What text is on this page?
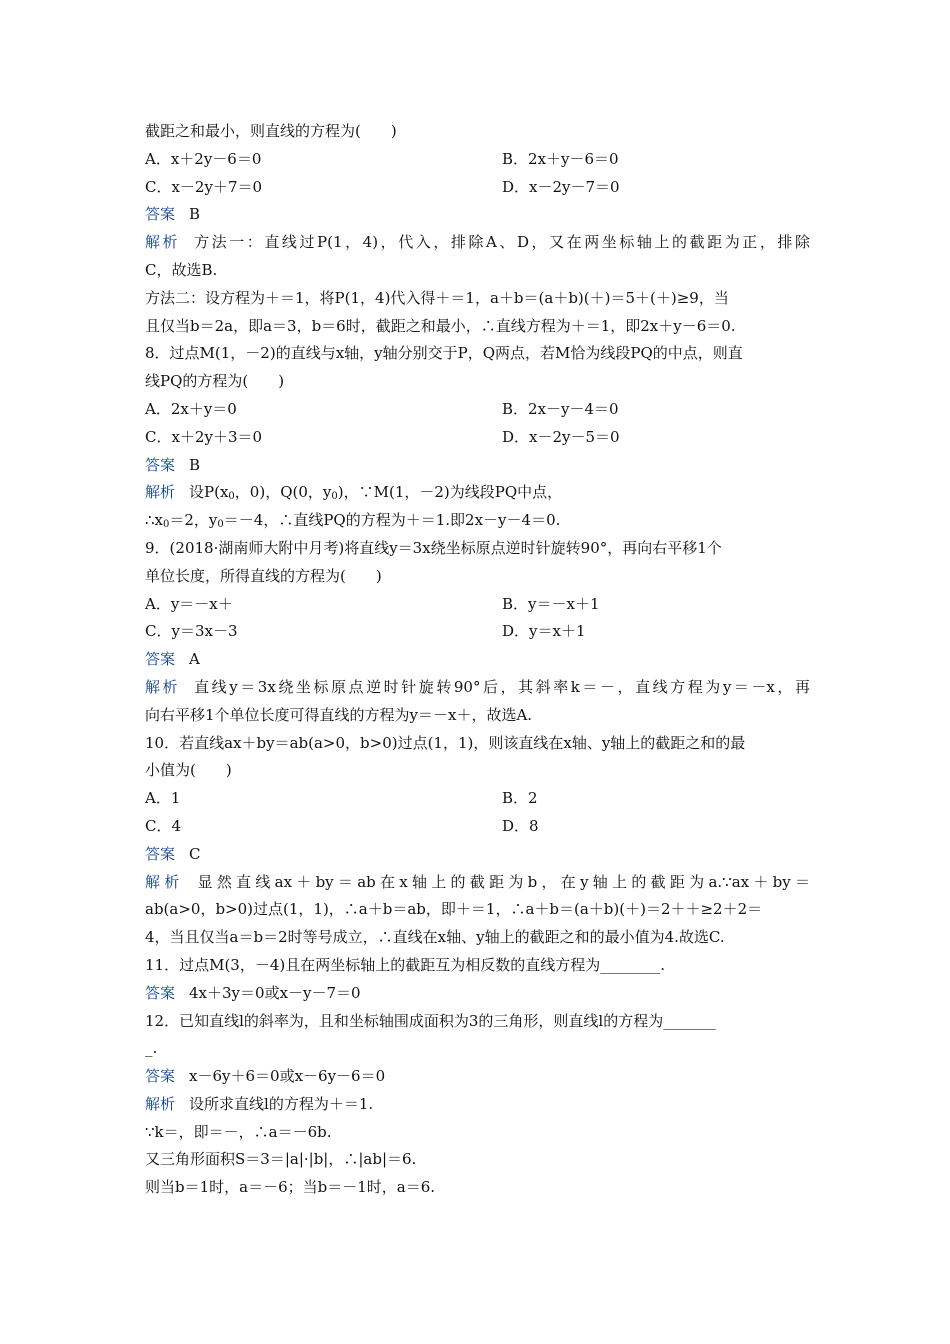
截距之和最小，则直线的方程为(　　)
A．x＋2y－6＝0	B．2x＋y－6＝0
C．x－2y＋7＝0	D．x－2y－7＝0
答案 B
解析 方法一：直线过P(1，4)，代入，排除A、D，又在两坐标轴上的截距为正，排除
C，故选B.
方法二：设方程为＋＝1，将P(1，4)代入得＋＝1，a＋b＝(a＋b)(＋)＝5＋(＋)≥9，当
且仅当b＝2a，即a＝3，b＝6时，截距之和最小，∴直线方程为＋＝1，即2x＋y－6＝0.
8．过点M(1，－2)的直线与x轴，y轴分别交于P，Q两点，若M恰为线段PQ的中点，则直
线PQ的方程为(　　)
A．2x＋y＝0	B．2x－y－4＝0
C．x＋2y＋3＝0	D．x－2y－5＝0
答案 B
解析 设$P(x_0$，0)，Q(0，$y_0$)，∵M(1，－2)为线段PQ中点，
$\therefore x_0=2$，$y_0=-4$，∴直线PQ的方程为＋＝1.即2x－y－4＝0.
9．(2018·湖南师大附中月考)将直线y＝3x绕坐标原点逆时针旋转90°，再向右平移1个
单位长度，所得直线的方程为(　　)
A．y＝－x＋	B．y＝－x＋1
C．y＝3x－3	D．y＝x＋1
答案 A
解析 直线y＝3x绕坐标原点逆时针旋转90°后，其斜率k＝－，直线方程为y＝－x，再
向右平移1个单位长度可得直线的方程为y＝－x＋，故选A.
10．若直线ax＋by＝ab(a>0，b>0)过点(1，1)，则该直线在x轴、y轴上的截距之和的最
小值为(　　)
A．1	B．2
C．4	D．8
答案 C
解析 显然直线ax＋by＝ab在x轴上的截距为b，在y轴上的截距为a.∵ax＋by＝
ab(a>0，b>0)过点(1，1)，∴a＋b＝ab，即＋＝1，∴a＋b＝(a＋b)(＋)＝2＋＋≥2＋2＝
4，当且仅当a＝b＝2时等号成立，∴直线在x轴、y轴上的截距之和的最小值为4.故选C.
11．过点M(3，－4)且在两坐标轴上的截距互为相反数的直线方程为________.
答案 4x＋3y＝0或x－y－7＝0
12．已知直线l的斜率为，且和坐标轴围成面积为3的三角形，则直线l的方程为_______
_.
答案 x－6y＋6＝0或x－6y－6＝0
解析 设所求直线l的方程为＋＝1.
∵k＝，即＝－，∴a＝－6b.
又三角形面积S＝3＝|a|·|b|，∴|ab|＝6.
则当b＝1时，a＝－6；当b＝－1时，a＝6.
